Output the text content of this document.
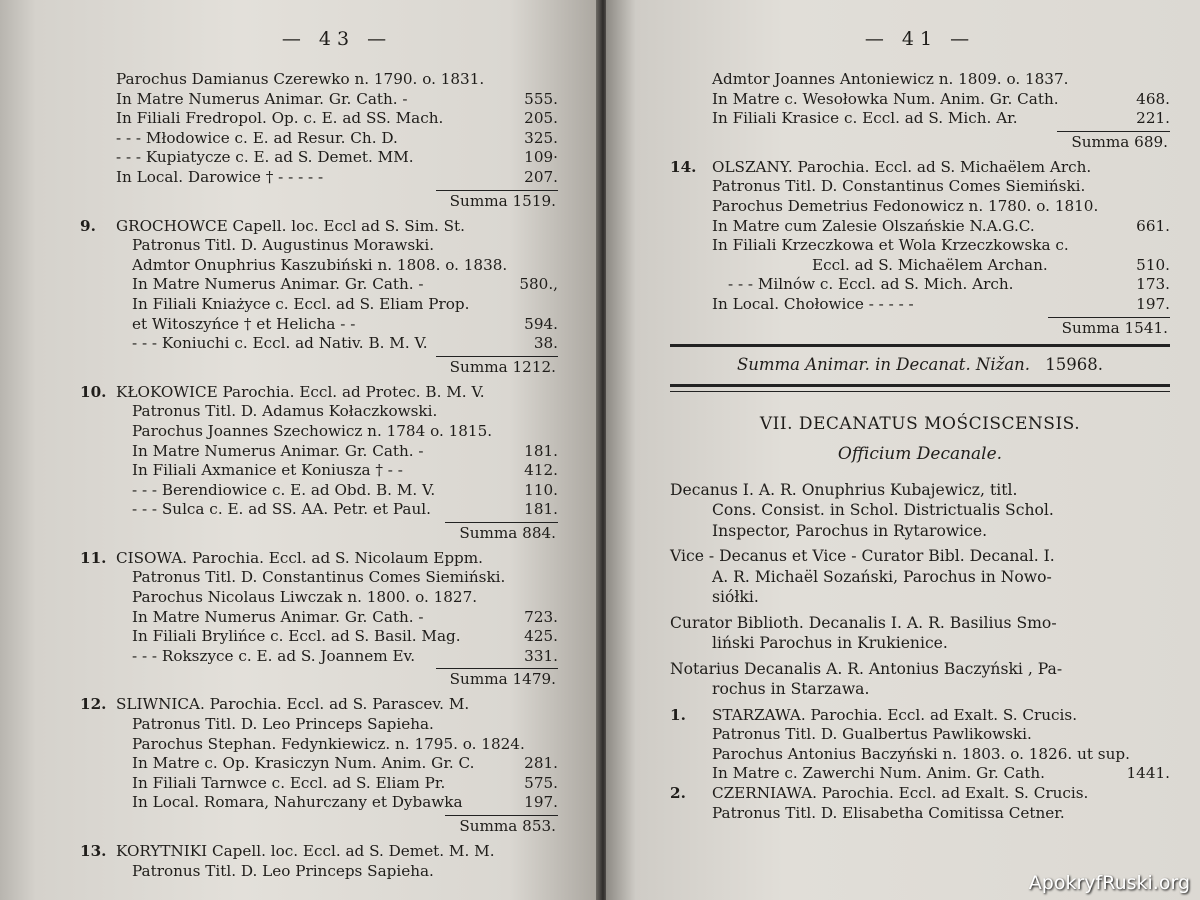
— 43 —
Parochus Damianus Czerewko n. 1790. o. 1831.
In Matre Numerus Animar. Gr. Cath. -	555.
In Filiali Fredropol. Op. c. E. ad SS. Mach.	205.
- - - Młodowice c. E. ad Resur. Ch. D.	325.
- - - Kupiatycze c. E. ad S. Demet. MM.	109·
In Local. Darowice † - - - - -	207.
Summa 1519.
9. GROCHOWCE Capell. loc. Eccl ad S. Sim. St.
Patronus Titl. D. Augustinus Morawski.
Admtor Onuphrius Kaszubiński n. 1808. o. 1838.
In Matre Numerus Animar. Gr. Cath. -	580.,
In Filiali Kniażyce c. Eccl. ad S. Eliam Prop.
et Witoszyńce † et Helicha - -	594.
- - - Koniuchi c. Eccl. ad Nativ. B. M. V.	38.
Summa 1212.
10. KŁOKOWICE Parochia. Eccl. ad Protec. B. M. V.
Patronus Titl. D. Adamus Kołaczkowski.
Parochus Joannes Szechowicz n. 1784 o. 1815.
In Matre Numerus Animar. Gr. Cath. -	181.
In Filiali Axmanice et Koniusza † - -	412.
- - - Berendiowice c. E. ad Obd. B. M. V.	110.
- - - Sulca c. E. ad SS. AA. Petr. et Paul.	181.
Summa 884.
11. CISOWA. Parochia. Eccl. ad S. Nicolaum Eppm.
Patronus Titl. D. Constantinus Comes Siemiński.
Parochus Nicolaus Liwczak n. 1800. o. 1827.
In Matre Numerus Animar. Gr. Cath. -	723.
In Filiali Brylińce c. Eccl. ad S. Basil. Mag.	425.
- - - Rokszyce c. E. ad S. Joannem Ev.	331.
Summa 1479.
12. SLIWNICA. Parochia. Eccl. ad S. Parascev. M.
Patronus Titl. D. Leo Princeps Sapieha.
Parochus Stephan. Fedynkiewicz. n. 1795. o. 1824.
In Matre c. Op. Krasiczyn Num. Anim. Gr. C.	281.
In Filiali Tarnwce c. Eccl. ad S. Eliam Pr.	575.
In Local. Romara, Nahurczany et Dybawka	197.
Summa 853.
13. KORYTNIKI Capell. loc. Eccl. ad S. Demet. M. M.
Patronus Titl. D. Leo Princeps Sapieha.
— 41 —
Admtor Joannes Antoniewicz n. 1809. o. 1837.
In Matre c. Wesołowka Num. Anim. Gr. Cath.	468.
In Filiali Krasice c. Eccl. ad S. Mich. Ar.	221.
Summa 689.
14. OLSZANY. Parochia. Eccl. ad S. Michaëlem Arch.
Patronus Titl. D. Constantinus Comes Siemiński.
Parochus Demetrius Fedonowicz n. 1780. o. 1810.
In Matre cum Zalesie Olszańskie N.A.G.C.	661.
In Filiali Krzeczkowa et Wola Krzeczkowska c.
Eccl. ad S. Michaëlem Archan.	510.
- - - Milnów c. Eccl. ad S. Mich. Arch.	173.
In Local. Chołowice - - - - -	197.
Summa 1541.
Summa Animar. in Decanat. Nižan. 15968.
VII. DECANATUS MOŚCISCENSIS.
Officium Decanale.
Decanus I. A. R. Onuphrius Kubajewicz, titl.
Cons. Consist. in Schol. Districtualis Schol.
Inspector, Parochus in Rytarowice.
Vice - Decanus et Vice - Curator Bibl. Decanal. I.
A. R. Michaël Sozański, Parochus in Nowo-
siółki.
Curator Biblioth. Decanalis I. A. R. Basilius Smo-
liński Parochus in Krukienice.
Notarius Decanalis A. R. Antonius Baczyński , Pa-
rochus in Starzawa.
1. STARZAWA. Parochia. Eccl. ad Exalt. S. Crucis.
Patronus Titl. D. Gualbertus Pawlikowski.
Parochus Antonius Baczyński n. 1803. o. 1826. ut sup.
In Matre c. Zawerchi Num. Anim. Gr. Cath.	1441.
2. CZERNIAWA. Parochia. Eccl. ad Exalt. S. Crucis.
Patronus Titl. D. Elisabetha Comitissa Cetner.
ApokryfRuski.org
